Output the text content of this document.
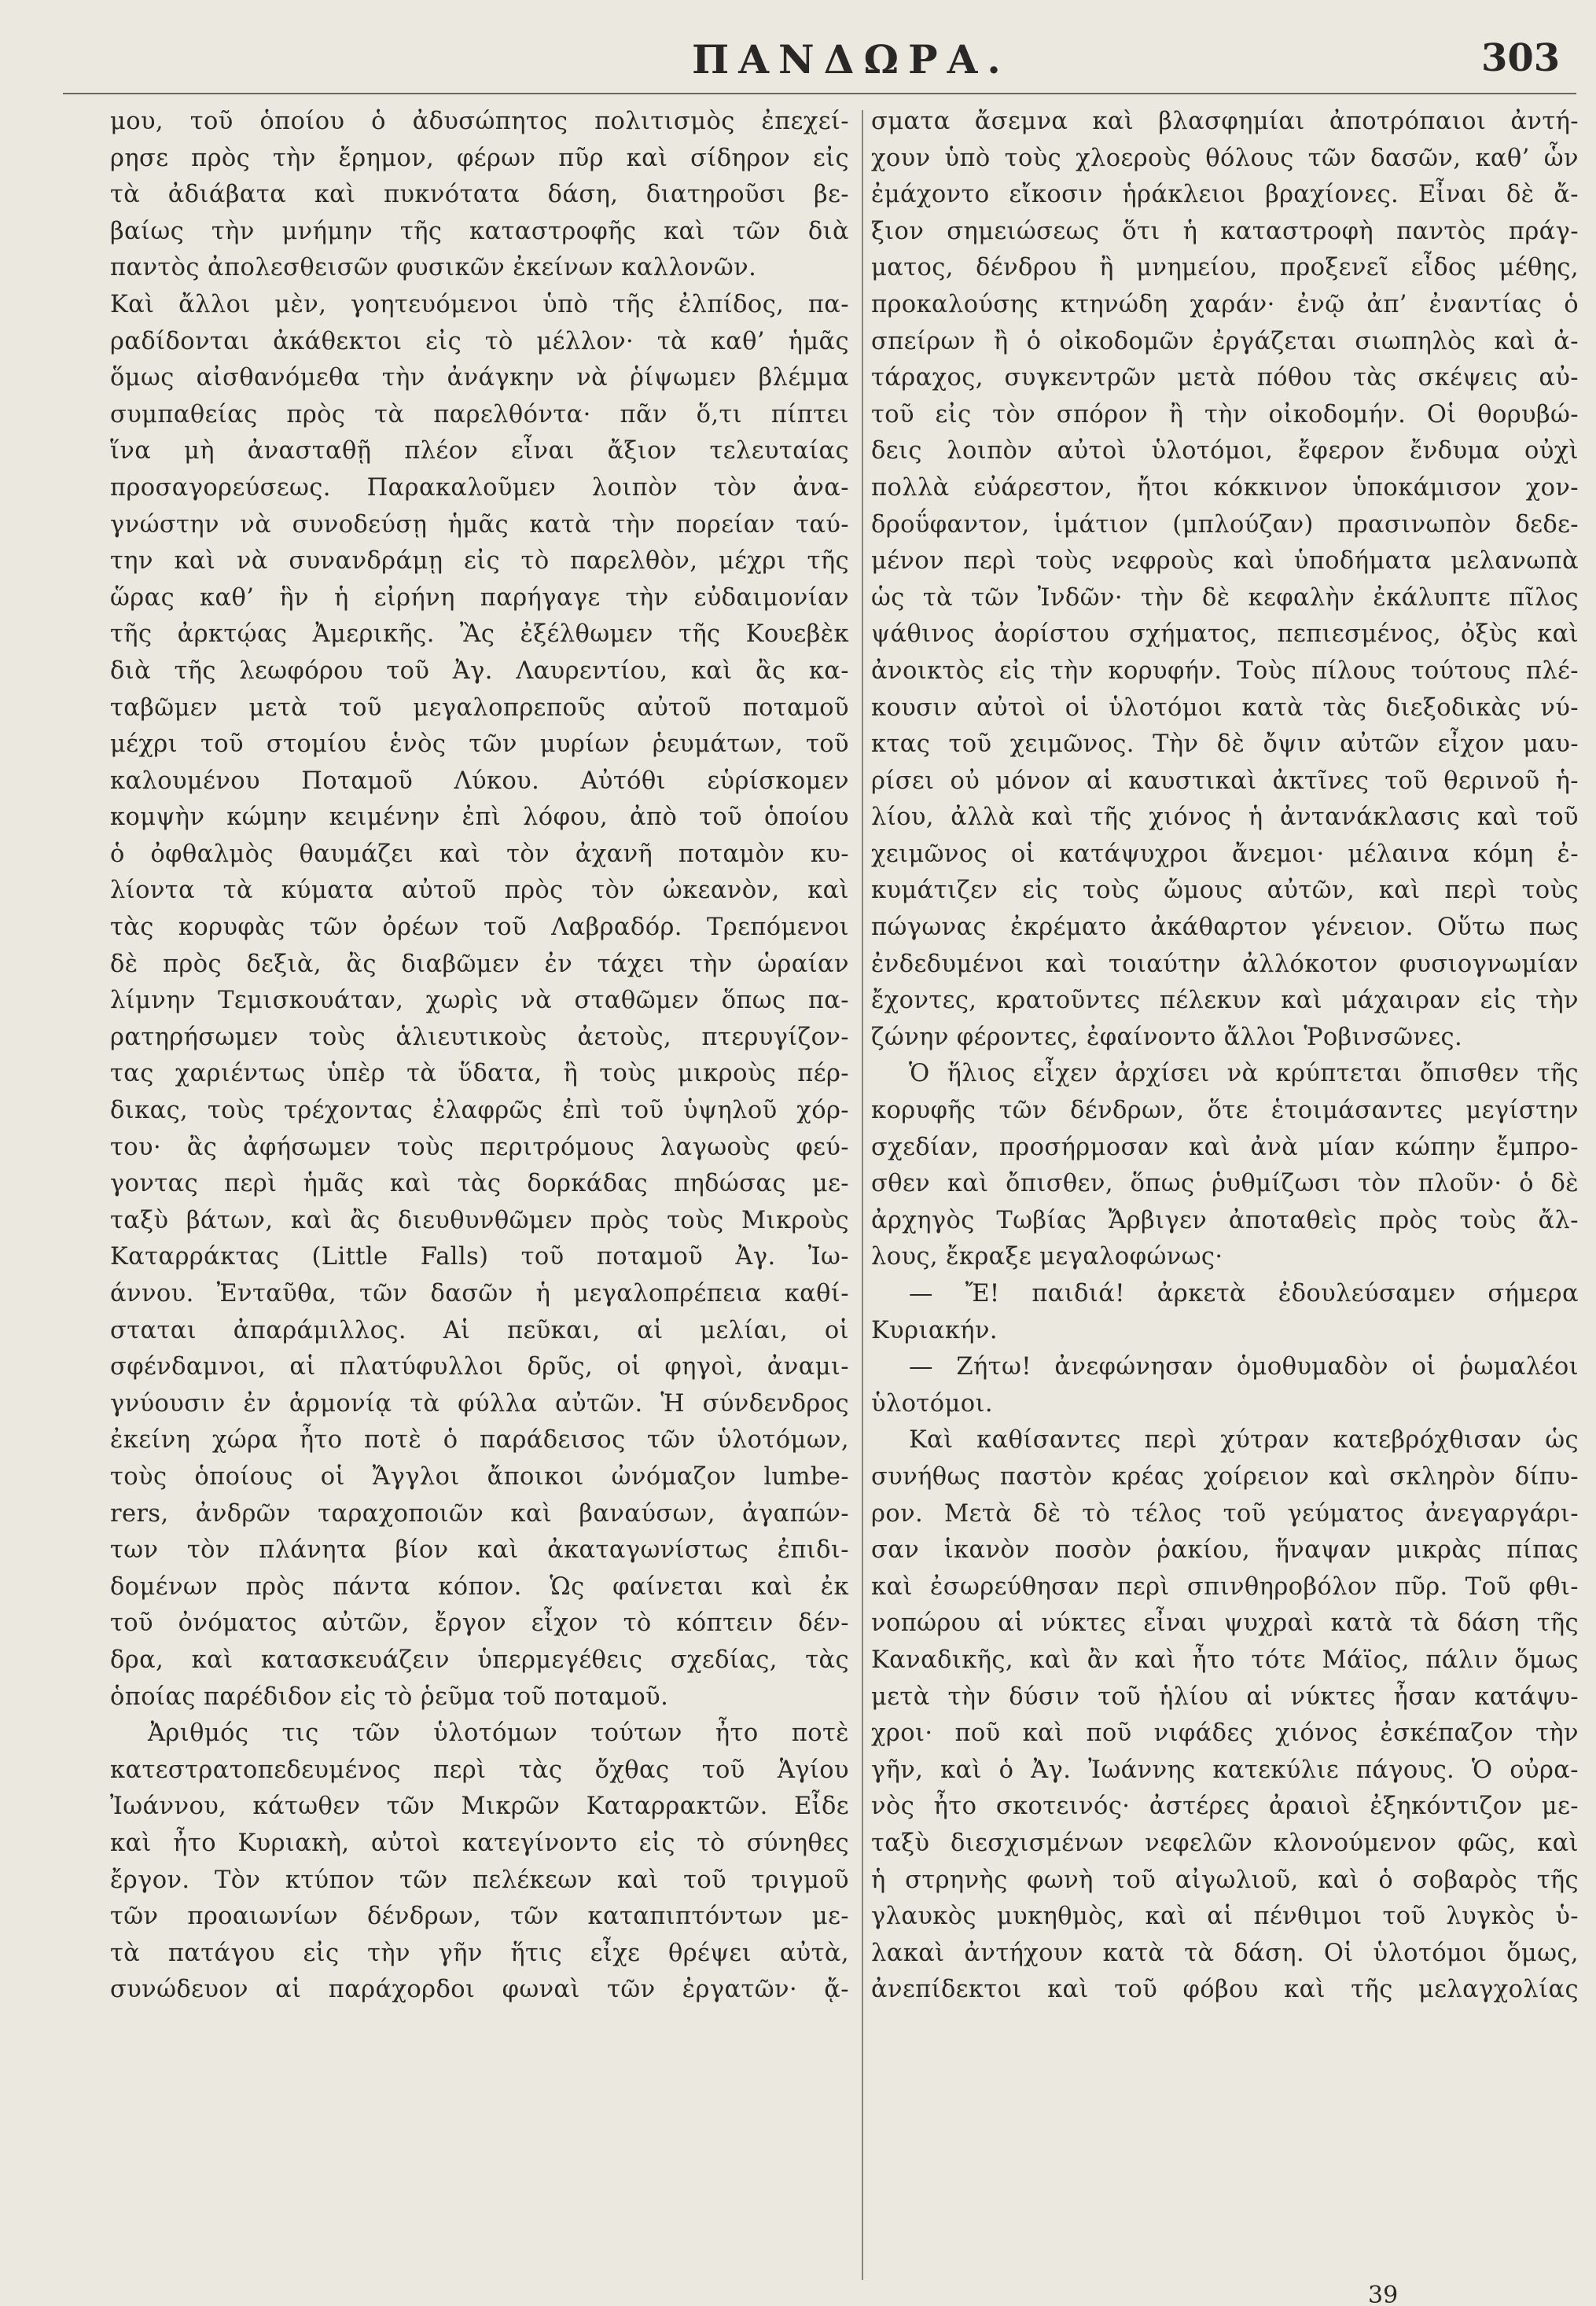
ΠΑΝΔΩΡΑ.	303
μου, τοῦ ὁποίου ὁ ἀδυσώπητος πολιτισμὸς ἐπεχεί-
ρησε πρὸς τὴν ἔρημον, φέρων πῦρ καὶ σίδηρον εἰς
τὰ ἀδιάβατα καὶ πυκνότατα δάση, διατηροῦσι βε-
βαίως τὴν μνήμην τῆς καταστροφῆς καὶ τῶν διὰ
παντὸς ἀπολεσθεισῶν φυσικῶν ἐκείνων καλλονῶν.
Καὶ ἄλλοι μὲν, γοητευόμενοι ὑπὸ τῆς ἐλπίδος, πα-
ραδίδονται ἀκάθεκτοι εἰς τὸ μέλλον· τὰ καθ’ ἡμᾶς
ὅμως αἰσθανόμεθα τὴν ἀνάγκην νὰ ῥίψωμεν βλέμμα
συμπαθείας πρὸς τὰ παρελθόντα· πᾶν ὅ,τι πίπτει
ἵνα μὴ ἀνασταθῇ πλέον εἶναι ἄξιον τελευταίας
προσαγορεύσεως. Παρακαλοῦμεν λοιπὸν τὸν ἀνα-
γνώστην νὰ συνοδεύσῃ ἡμᾶς κατὰ τὴν πορείαν ταύ-
την καὶ νὰ συνανδράμῃ εἰς τὸ παρελθὸν, μέχρι τῆς
ὥρας καθ’ ἣν ἡ εἰρήνη παρήγαγε τὴν εὐδαιμονίαν
τῆς ἀρκτῴας Ἀμερικῆς. Ἂς ἐξέλθωμεν τῆς Κουεβὲκ
διὰ τῆς λεωφόρου τοῦ Ἀγ. Λαυρεντίου, καὶ ἂς κα-
ταβῶμεν μετὰ τοῦ μεγαλοπρεποῦς αὐτοῦ ποταμοῦ
μέχρι τοῦ στομίου ἑνὸς τῶν μυρίων ῥευμάτων, τοῦ
καλουμένου Ποταμοῦ Λύκου. Αὐτόθι εὑρίσκομεν
κομψὴν κώμην κειμένην ἐπὶ λόφου, ἀπὸ τοῦ ὁποίου
ὁ ὀφθαλμὸς θαυμάζει καὶ τὸν ἀχανῆ ποταμὸν κυ-
λίοντα τὰ κύματα αὐτοῦ πρὸς τὸν ὠκεανὸν, καὶ
τὰς κορυφὰς τῶν ὀρέων τοῦ Λαβραδόρ. Τρεπόμενοι
δὲ πρὸς δεξιὰ, ἂς διαβῶμεν ἐν τάχει τὴν ὡραίαν
λίμνην Τεμισκουάταν, χωρὶς νὰ σταθῶμεν ὅπως πα-
ρατηρήσωμεν τοὺς ἁλιευτικοὺς ἀετοὺς, πτερυγίζον-
τας χαριέντως ὑπὲρ τὰ ὕδατα, ἢ τοὺς μικροὺς πέρ-
δικας, τοὺς τρέχοντας ἐλαφρῶς ἐπὶ τοῦ ὑψηλοῦ χόρ-
του· ἂς ἀφήσωμεν τοὺς περιτρόμους λαγωοὺς φεύ-
γοντας περὶ ἡμᾶς καὶ τὰς δορκάδας πηδώσας με-
ταξὺ βάτων, καὶ ἂς διευθυνθῶμεν πρὸς τοὺς Μικροὺς
Καταρράκτας (Little Falls) τοῦ ποταμοῦ Ἀγ. Ἰω-
άννου. Ἐνταῦθα, τῶν δασῶν ἡ μεγαλοπρέπεια καθί-
σταται ἀπαράμιλλος. Αἱ πεῦκαι, αἱ μελίαι, οἱ
σφένδαμνοι, αἱ πλατύφυλλοι δρῦς, οἱ φηγοὶ, ἀναμι-
γνύουσιν ἐν ἁρμονίᾳ τὰ φύλλα αὐτῶν. Ἡ σύνδενδρος
ἐκείνη χώρα ἦτο ποτὲ ὁ παράδεισος τῶν ὑλοτόμων,
τοὺς ὁποίους οἱ Ἄγγλοι ἄποικοι ὠνόμαζον lumbe-
rers, ἀνδρῶν ταραχοποιῶν καὶ βαναύσων, ἀγαπών-
των τὸν πλάνητα βίον καὶ ἀκαταγωνίστως ἐπιδι-
δομένων πρὸς πάντα κόπον. Ὡς φαίνεται καὶ ἐκ
τοῦ ὀνόματος αὐτῶν, ἔργον εἶχον τὸ κόπτειν δέν-
δρα, καὶ κατασκευάζειν ὑπερμεγέθεις σχεδίας, τὰς
ὁποίας παρέδιδον εἰς τὸ ῥεῦμα τοῦ ποταμοῦ.
Ἀριθμός τις τῶν ὑλοτόμων τούτων ἦτο ποτὲ
κατεστρατοπεδευμένος περὶ τὰς ὄχθας τοῦ Ἁγίου
Ἰωάννου, κάτωθεν τῶν Μικρῶν Καταρρακτῶν. Εἶδε
καὶ ἦτο Κυριακὴ, αὐτοὶ κατεγίνοντο εἰς τὸ σύνηθες
ἔργον. Τὸν κτύπον τῶν πελέκεων καὶ τοῦ τριγμοῦ
τῶν προαιωνίων δένδρων, τῶν καταπιπτόντων με-
τὰ πατάγου εἰς τὴν γῆν ἥτις εἶχε θρέψει αὐτὰ,
συνώδευον αἱ παράχορδοι φωναὶ τῶν ἐργατῶν· ᾄ-
σματα ἄσεμνα καὶ βλασφημίαι ἀποτρόπαιοι ἀντή-
χουν ὑπὸ τοὺς χλοεροὺς θόλους τῶν δασῶν, καθ’ ὧν
ἐμάχοντο εἴκοσιν ἡράκλειοι βραχίονες. Εἶναι δὲ ἄ-
ξιον σημειώσεως ὅτι ἡ καταστροφὴ παντὸς πράγ-
ματος, δένδρου ἢ μνημείου, προξενεῖ εἶδος μέθης,
προκαλούσης κτηνώδη χαράν· ἐνῷ ἀπ’ ἐναντίας ὁ
σπείρων ἢ ὁ οἰκοδομῶν ἐργάζεται σιωπηλὸς καὶ ἀ-
τάραχος, συγκεντρῶν μετὰ πόθου τὰς σκέψεις αὐ-
τοῦ εἰς τὸν σπόρον ἢ τὴν οἰκοδομήν. Οἱ θορυβώ-
δεις λοιπὸν αὐτοὶ ὑλοτόμοι, ἔφερον ἔνδυμα οὐχὶ
πολλὰ εὐάρεστον, ἤτοι κόκκινον ὑποκάμισον χον-
δροΰφαντον, ἱμάτιον (μπλούζαν) πρασινωπὸν δεδε-
μένον περὶ τοὺς νεφροὺς καὶ ὑποδήματα μελανωπὰ
ὡς τὰ τῶν Ἰνδῶν· τὴν δὲ κεφαλὴν ἐκάλυπτε πῖλος
ψάθινος ἀορίστου σχήματος, πεπιεσμένος, ὀξὺς καὶ
ἀνοικτὸς εἰς τὴν κορυφήν. Τοὺς πίλους τούτους πλέ-
κουσιν αὐτοὶ οἱ ὑλοτόμοι κατὰ τὰς διεξοδικὰς νύ-
κτας τοῦ χειμῶνος. Τὴν δὲ ὄψιν αὐτῶν εἶχον μαυ-
ρίσει οὐ μόνον αἱ καυστικαὶ ἀκτῖνες τοῦ θερινοῦ ἡ-
λίου, ἀλλὰ καὶ τῆς χιόνος ἡ ἀντανάκλασις καὶ τοῦ
χειμῶνος οἱ κατάψυχροι ἄνεμοι· μέλαινα κόμη ἐ-
κυμάτιζεν εἰς τοὺς ὤμους αὐτῶν, καὶ περὶ τοὺς
πώγωνας ἐκρέματο ἀκάθαρτον γένειον. Οὕτω πως
ἐνδεδυμένοι καὶ τοιαύτην ἀλλόκοτον φυσιογνωμίαν
ἔχοντες, κρατοῦντες πέλεκυν καὶ μάχαιραν εἰς τὴν
ζώνην φέροντες, ἐφαίνοντο ἄλλοι Ῥοβινσῶνες.
Ὁ ἥλιος εἶχεν ἀρχίσει νὰ κρύπτεται ὄπισθεν τῆς
κορυφῆς τῶν δένδρων, ὅτε ἑτοιμάσαντες μεγίστην
σχεδίαν, προσήρμοσαν καὶ ἀνὰ μίαν κώπην ἔμπρο-
σθεν καὶ ὄπισθεν, ὅπως ῥυθμίζωσι τὸν πλοῦν· ὁ δὲ
ἀρχηγὸς Τωβίας Ἄρβιγεν ἀποταθεὶς πρὸς τοὺς ἄλ-
λους, ἔκραξε μεγαλοφώνως·
— Ἔ! παιδιά! ἀρκετὰ ἐδουλεύσαμεν σήμερα
Κυριακήν.
— Ζήτω! ἀνεφώνησαν ὁμοθυμαδὸν οἱ ῥωμαλέοι
ὑλοτόμοι.
Καὶ καθίσαντες περὶ χύτραν κατεβρόχθισαν ὡς
συνήθως παστὸν κρέας χοίρειον καὶ σκληρὸν δίπυ-
ρον. Μετὰ δὲ τὸ τέλος τοῦ γεύματος ἀνεγαργάρι-
σαν ἱκανὸν ποσὸν ῥακίου, ἥναψαν μικρὰς πίπας
καὶ ἐσωρεύθησαν περὶ σπινθηροβόλον πῦρ. Τοῦ φθι-
νοπώρου αἱ νύκτες εἶναι ψυχραὶ κατὰ τὰ δάση τῆς
Καναδικῆς, καὶ ἂν καὶ ἦτο τότε Μάϊος, πάλιν ὅμως
μετὰ τὴν δύσιν τοῦ ἡλίου αἱ νύκτες ἦσαν κατάψυ-
χροι· ποῦ καὶ ποῦ νιφάδες χιόνος ἐσκέπαζον τὴν
γῆν, καὶ ὁ Ἀγ. Ἰωάννης κατεκύλιε πάγους. Ὁ οὐρα-
νὸς ἦτο σκοτεινός· ἀστέρες ἀραιοὶ ἐξηκόντιζον με-
ταξὺ διεσχισμένων νεφελῶν κλονούμενον φῶς, καὶ
ἡ στρηνὴς φωνὴ τοῦ αἰγωλιοῦ, καὶ ὁ σοβαρὸς τῆς
γλαυκὸς μυκηθμὸς, καὶ αἱ πένθιμοι τοῦ λυγκὸς ὑ-
λακαὶ ἀντήχουν κατὰ τὰ δάση. Οἱ ὑλοτόμοι ὅμως,
ἀνεπίδεκτοι καὶ τοῦ φόβου καὶ τῆς μελαγχολίας
39
